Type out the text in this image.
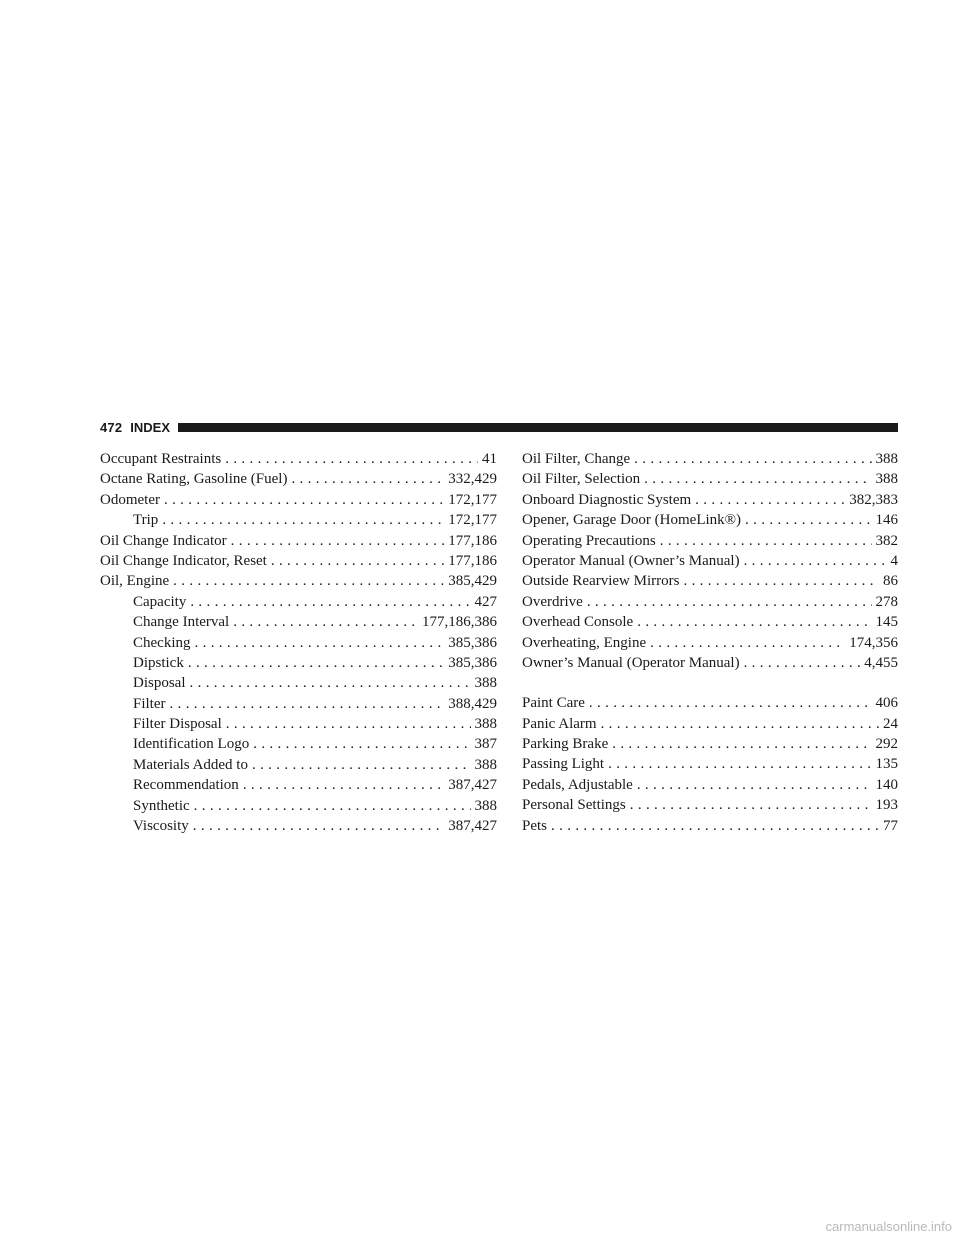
472 INDEX
Occupant Restraints . . .	41
Octane Rating, Gasoline (Fuel) . . .	332,429
Odometer . . .	172,177
Trip . . .	172,177
Oil Change Indicator . . .	177,186
Oil Change Indicator, Reset . . .	177,186
Oil, Engine . . .	385,429
Capacity . . .	427
Change Interval . . .	177,186,386
Checking . . .	385,386
Dipstick . . .	385,386
Disposal . . .	388
Filter . . .	388,429
Filter Disposal . . .	388
Identification Logo . . .	387
Materials Added to . . .	388
Recommendation . . .	387,427
Synthetic . . .	388
Viscosity . . .	387,427
Oil Filter, Change . . .	388
Oil Filter, Selection . . .	388
Onboard Diagnostic System . . .	382,383
Opener, Garage Door (HomeLink®) . . .	146
Operating Precautions . . .	382
Operator Manual (Owner’s Manual) . . .	4
Outside Rearview Mirrors . . .	86
Overdrive . . .	278
Overhead Console . . .	145
Overheating, Engine . . .	174,356
Owner’s Manual (Operator Manual) . . .	4,455
Paint Care . . .	406
Panic Alarm . . .	24
Parking Brake . . .	292
Passing Light . . .	135
Pedals, Adjustable . . .	140
Personal Settings . . .	193
Pets . . .	77
carmanualsonline.info
